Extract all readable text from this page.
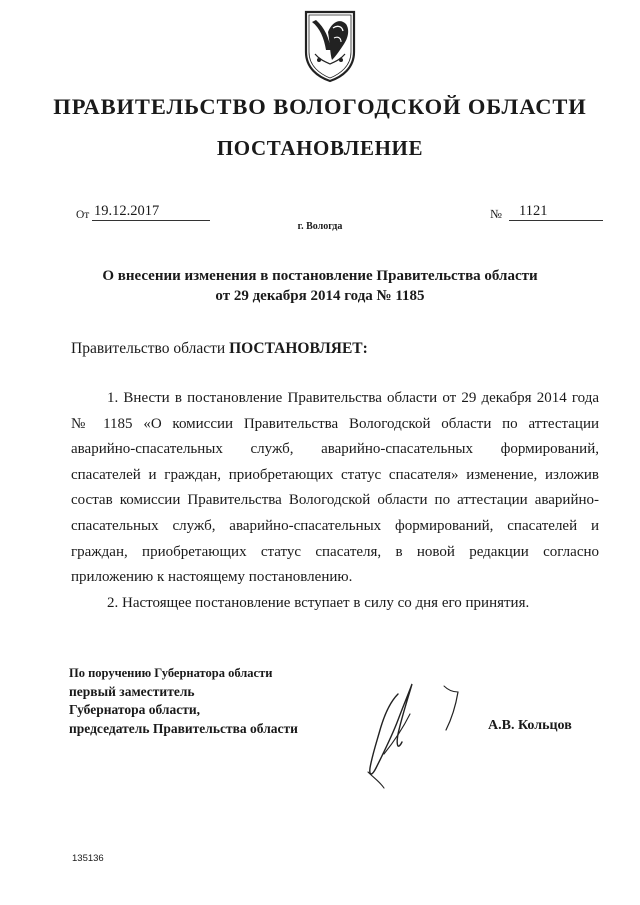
ПРАВИТЕЛЬСТВО ВОЛОГОДСКОЙ ОБЛАСТИ
ПОСТАНОВЛЕНИЕ
От 19.12.2017	№	1121
г. Вологда
О внесении изменения в постановление Правительства области
от 29 декабря 2014 года № 1185
Правительство области ПОСТАНОВЛЯЕТ:

1. Внести в постановление Правительства области от 29 декабря 2014 года № 1185 «О комиссии Правительства Вологодской области по аттестации аварийно-спасательных служб, аварийно-спасательных формирований, спасателей и граждан, приобретающих статус спасателя» изменение, изложив состав комиссии Правительства Вологодской области по аттестации аварийно-спасательных служб, аварийно-спасательных формирований, спасателей и граждан, приобретающих статус спасателя, в новой редакции согласно приложению к настоящему постановлению.

2. Настоящее постановление вступает в силу со дня его принятия.

По поручению Губернатора области
первый заместитель
Губернатора области,
председатель Правительства области	А.В. Кольцов
135136
